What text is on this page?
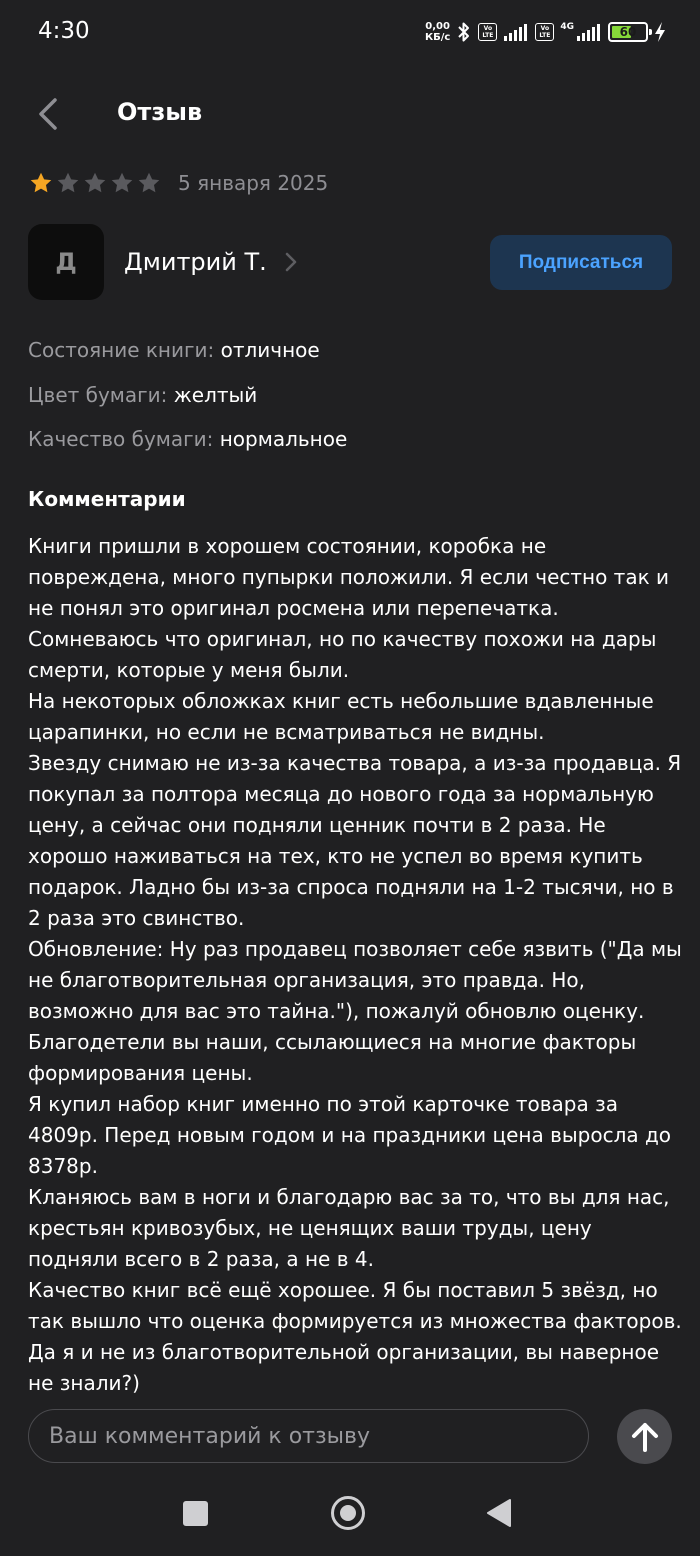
4:30	0,00
КБ/с
Vo LTE
Vo LTE
4G	60
Отзыв
5 января 2025
Д Дмитрий Т.	Подписаться
Состояние книги: отличное
Цвет бумаги: желтый
Качество бумаги: нормальное
Комментарии

Книги пришли в хорошем состоянии, коробка не повреждена, много пупырки положили. Я если честно так и не понял это оригинал росмена или перепечатка. Сомневаюсь что оригинал, но по качеству похожи на дары смерти, которые у меня были.

На некоторых обложках книг есть небольшие вдавленные царапинки, но если не всматриваться не видны.

Звезду снимаю не из-за качества товара, а из-за продавца. Я покупал за полтора месяца до нового года за нормальную цену, а сейчас они подняли ценник почти в 2 раза. Не хорошо наживаться на тех, кто не успел во время купить подарок. Ладно бы из-за спроса подняли на 1-2 тысячи, но в 2 раза это свинство.

Обновление: Ну раз продавец позволяет себе язвить ("Да мы не благотворительная организация, это правда. Но, возможно для вас это тайна."), пожалуй обновлю оценку. Благодетели вы наши, ссылающиеся на многие факторы формирования цены.

Я купил набор книг именно по этой карточке товара за 4809р. Перед новым годом и на праздники цена выросла до 8378р.

Кланяюсь вам в ноги и благодарю вас за то, что вы для нас, крестьян кривозубых, не ценящих ваши труды, цену подняли всего в 2 раза, а не в 4.

Качество книг всё ещё хорошее. Я бы поставил 5 звёзд, но так вышло что оценка формируется из множества факторов. Да я и не из благотворительной организации, вы наверное не знали?)

Ваш комментарий к отзыву
